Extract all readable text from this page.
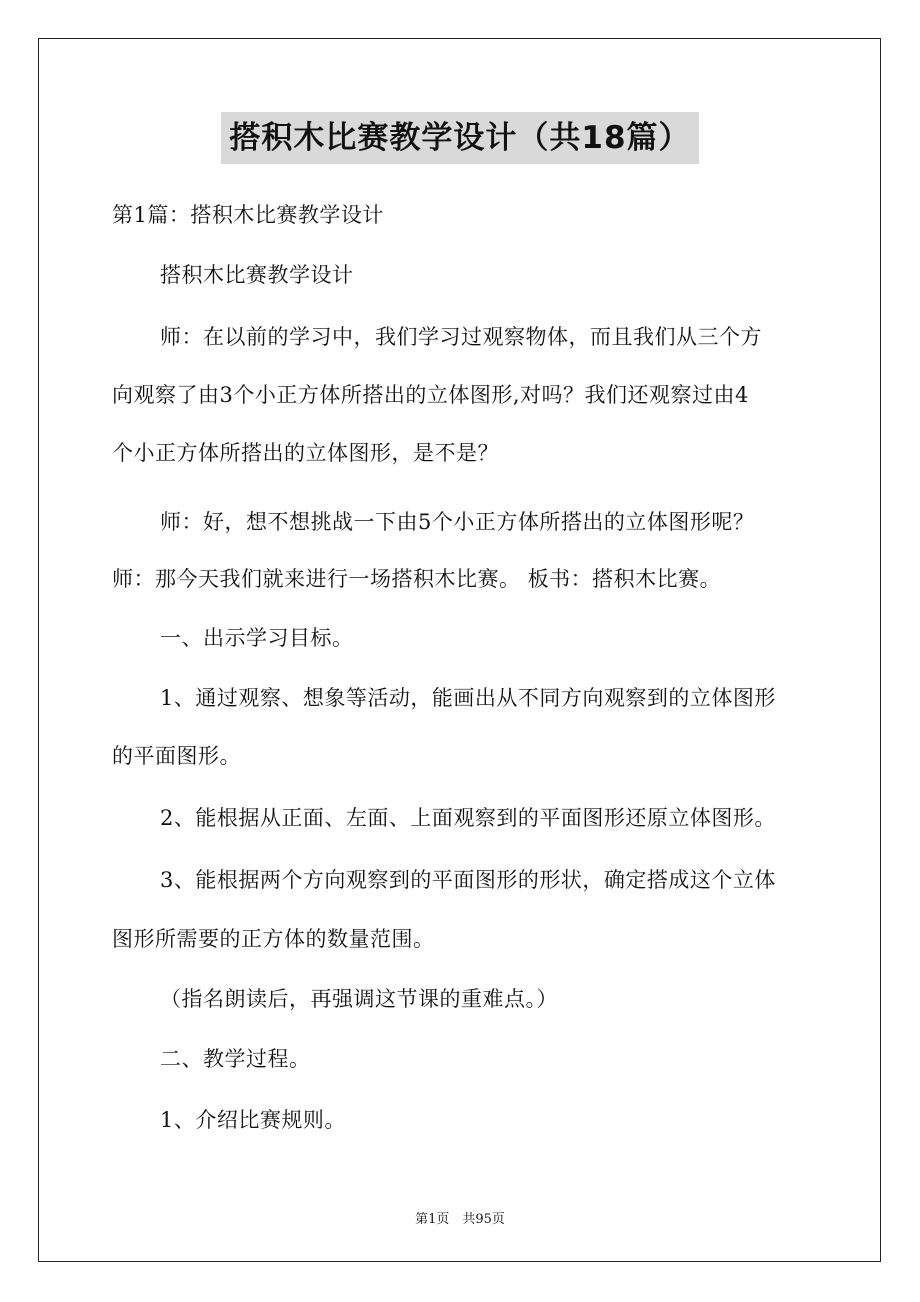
搭积木比赛教学设计（共18篇）
第1篇：搭积木比赛教学设计
搭积木比赛教学设计
师：在以前的学习中，我们学习过观察物体，而且我们从三个方
向观察了由3个小正方体所搭出的立体图形,对吗？我们还观察过由4
个小正方体所搭出的立体图形，是不是？
师：好，想不想挑战一下由5个小正方体所搭出的立体图形呢？
师：那今天我们就来进行一场搭积木比赛。 板书：搭积木比赛。
一、出示学习目标。
1、通过观察、想象等活动，能画出从不同方向观察到的立体图形
的平面图形。
2、能根据从正面、左面、上面观察到的平面图形还原立体图形。
3、能根据两个方向观察到的平面图形的形状，确定搭成这个立体
图形所需要的正方体的数量范围。
（指名朗读后，再强调这节课的重难点。）
二、教学过程。
1、介绍比赛规则。
第1页　共95页
